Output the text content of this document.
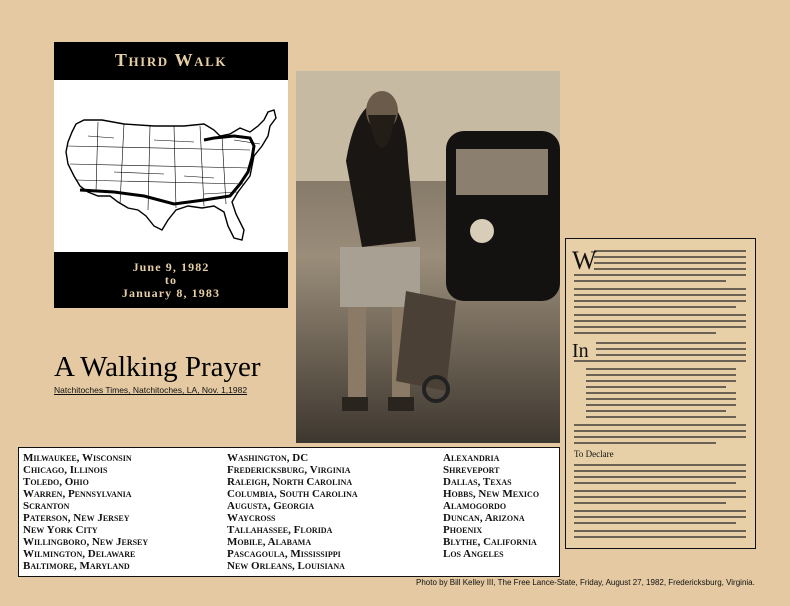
Third Walk
June 9, 1982
to
January 8, 1983
A Walking Prayer
Natchitoches Times, Natchitoches, LA, Nov. 1,1982
W
In
To Declare
Milwaukee, Wisconsin
Chicago, Illinois
Toledo, Ohio
Warren, Pennsylvania
Scranton
Paterson, New Jersey
New York City
Willingboro, New Jersey
Wilmington, Delaware
Baltimore, Maryland
Washington, DC
Fredericksburg, Virginia
Raleigh, North Carolina
Columbia, South Carolina
Augusta, Georgia
Waycross
Tallahassee, Florida
Mobile, Alabama
Pascagoula, Mississippi
New Orleans, Louisiana
Alexandria
Shreveport
Dallas, Texas
Hobbs, New Mexico
Alamogordo
Duncan, Arizona
Phoenix
Blythe, California
Los Angeles
Photo by Bill Kelley III, The Free Lance-State, Friday, August 27, 1982, Fredericksburg, Virginia.
